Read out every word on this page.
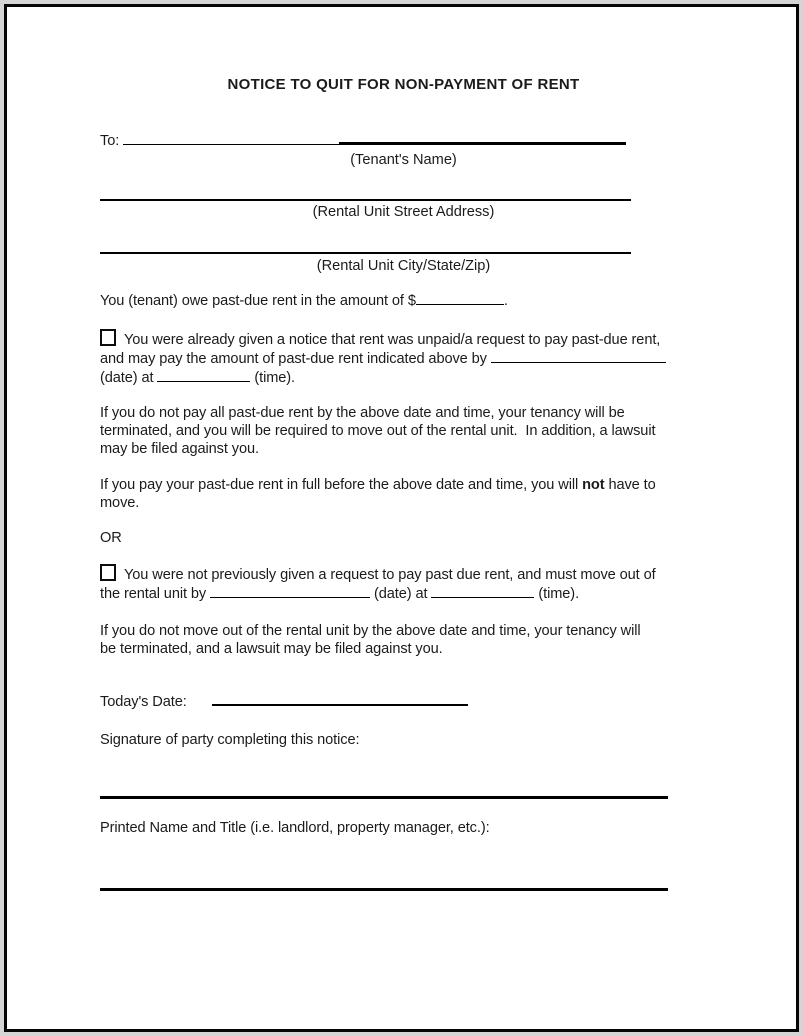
NOTICE TO QUIT FOR NON-PAYMENT OF RENT
To:
(Tenant's Name)
(Rental Unit Street Address)
(Rental Unit City/State/Zip)
You (tenant) owe past-due rent in the amount of $	.
You were already given a notice that rent was unpaid/a request to pay past-due rent,
and may pay the amount of past-due rent indicated above by
(date) at	(time).
If you do not pay all past-due rent by the above date and time, your tenancy will be
terminated, and you will be required to move out of the rental unit.  In addition, a lawsuit
may be filed against you.
If you pay your past-due rent in full before the above date and time, you will not have to
move.
OR
You were not previously given a request to pay past due rent, and must move out of
the rental unit by	(date) at	(time).
If you do not move out of the rental unit by the above date and time, your tenancy will
be terminated, and a lawsuit may be filed against you.
Today's Date:
Signature of party completing this notice:
Printed Name and Title (i.e. landlord, property manager, etc.):
